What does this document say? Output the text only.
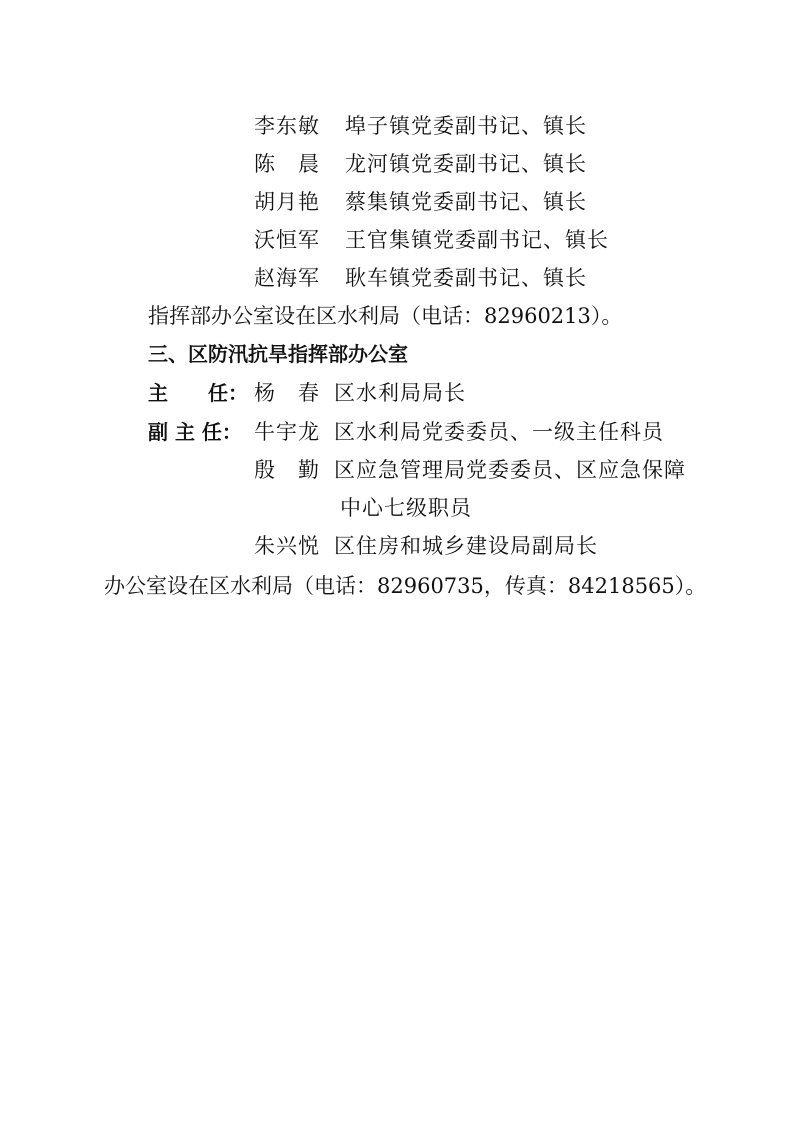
李东敏 埠子镇党委副书记、镇长
陈　晨 龙河镇党委副书记、镇长
胡月艳 蔡集镇党委副书记、镇长
沃恒军 王官集镇党委副书记、镇长
赵海军 耿车镇党委副书记、镇长
指挥部办公室设在区水利局（电话：82960213）。
三、区防汛抗旱指挥部办公室
主　　任： 杨　春 区水利局局长
副 主 任： 牛宇龙 区水利局党委委员、一级主任科员
殷　勤 区应急管理局党委委员、区应急保障
中心七级职员
朱兴悦 区住房和城乡建设局副局长
办公室设在区水利局（电话：82960735，传真：84218565）。
